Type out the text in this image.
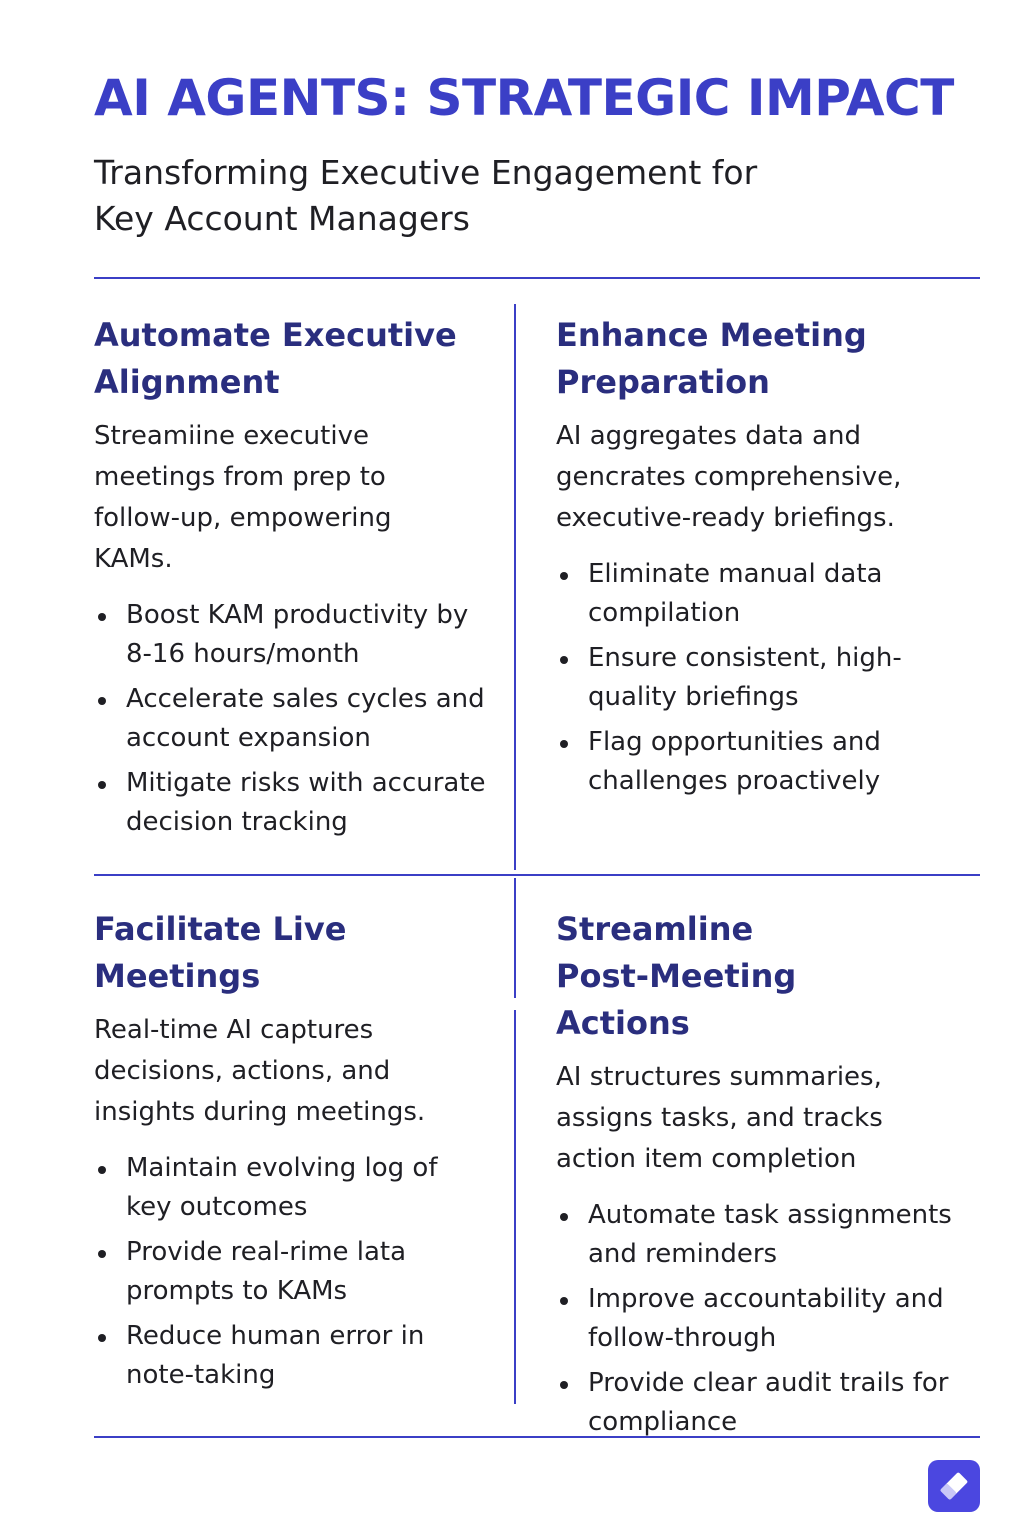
AI AGENTS: STRATEGIC IMPACT

Transforming Executive Engagement for Key Account Managers

Automate Executive Alignment

Streamiine executive meetings from prep to follow-up, empowering KAMs.

Boost KAM productivity by 8-16 hours/month
Accelerate sales cycles and account expansion
Mitigate risks with accurate decision tracking
Enhance Meeting Preparation

AI aggregates data and gencrates comprehensive, executive-ready briefings.

Eliminate manual data compilation
Ensure consistent, high-quality briefings
Flag opportunities and challenges proactively
Facilitate Live Meetings

Real-time AI captures decisions, actions, and insights during meetings.

Maintain evolving log of key outcomes
Provide real-rime lata prompts to KAMs
Reduce human error in note-taking
Streamline Post-Meeting Actions

AI structures summaries, assigns tasks, and tracks action item completion

Automate task assignments and reminders
Improve accountability and follow-through
Provide clear audit trails for compliance
